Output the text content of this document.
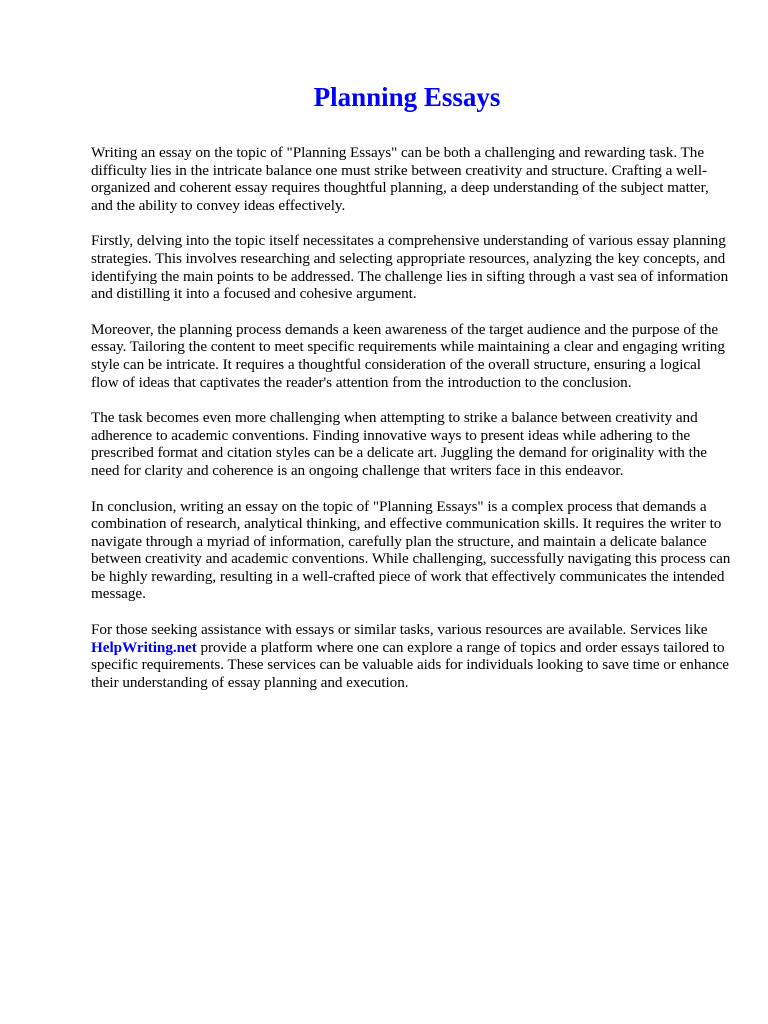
Planning Essays

Writing an essay on the topic of "Planning Essays" can be both a challenging and rewarding task. The difficulty lies in the intricate balance one must strike between creativity and structure. Crafting a well-organized and coherent essay requires thoughtful planning, a deep understanding of the subject matter, and the ability to convey ideas effectively.

Firstly, delving into the topic itself necessitates a comprehensive understanding of various essay planning strategies. This involves researching and selecting appropriate resources, analyzing the key concepts, and identifying the main points to be addressed. The challenge lies in sifting through a vast sea of information and distilling it into a focused and cohesive argument.

Moreover, the planning process demands a keen awareness of the target audience and the purpose of the essay. Tailoring the content to meet specific requirements while maintaining a clear and engaging writing style can be intricate. It requires a thoughtful consideration of the overall structure, ensuring a logical flow of ideas that captivates the reader's attention from the introduction to the conclusion.

The task becomes even more challenging when attempting to strike a balance between creativity and adherence to academic conventions. Finding innovative ways to present ideas while adhering to the prescribed format and citation styles can be a delicate art. Juggling the demand for originality with the need for clarity and coherence is an ongoing challenge that writers face in this endeavor.

In conclusion, writing an essay on the topic of "Planning Essays" is a complex process that demands a combination of research, analytical thinking, and effective communication skills. It requires the writer to navigate through a myriad of information, carefully plan the structure, and maintain a delicate balance between creativity and academic conventions. While challenging, successfully navigating this process can be highly rewarding, resulting in a well-crafted piece of work that effectively communicates the intended message.

For those seeking assistance with essays or similar tasks, various resources are available. Services like HelpWriting.net provide a platform where one can explore a range of topics and order essays tailored to specific requirements. These services can be valuable aids for individuals looking to save time or enhance their understanding of essay planning and execution.
